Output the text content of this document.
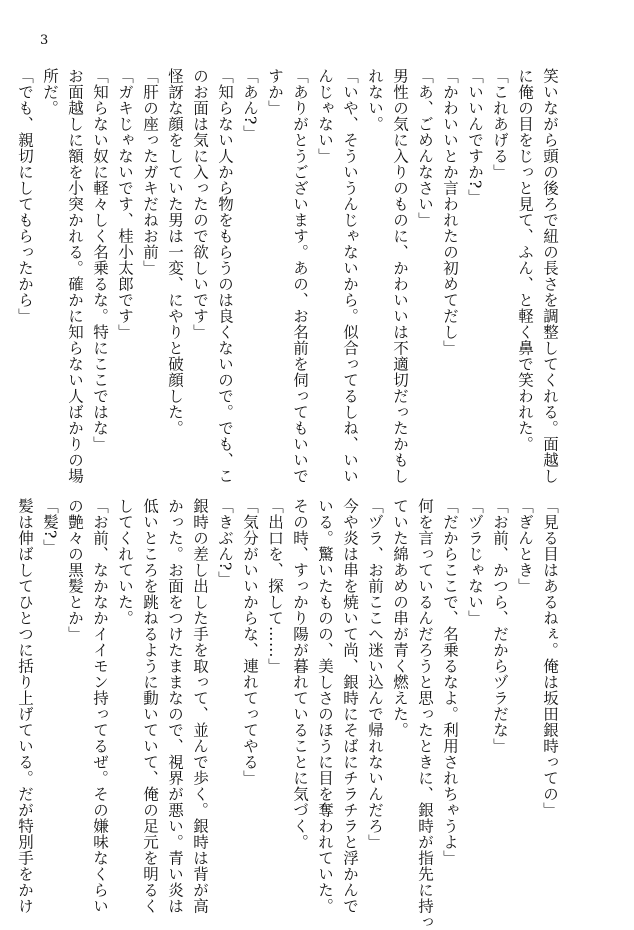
3
笑いながら頭の後ろで紐の長さを調整してくれる。面越し
に俺の目をじっと見て、ふん、と軽く鼻で笑われた。
「これあげる」
「いいんですか?」
「かわいいとか言われたの初めてだし」
「あ、ごめんなさい」
男性の気に入りのものに、かわいいは不適切だったかもし
れない。
「いや、そういうんじゃないから。似合ってるしね、いい
んじゃない」
「ありがとうございます。あの、お名前を伺ってもいいで
すか」
「あん?」
「知らない人から物をもらうのは良くないので。でも、こ
のお面は気に入ったので欲しいです」
怪訝な顔をしていた男は一変、にやりと破顔した。
「肝の座ったガキだねお前」
「ガキじゃないです、桂小太郎です」
「知らない奴に軽々しく名乗るな。特にここではな」
お面越しに額を小突かれる。確かに知らない人ばかりの場
所だ。
「でも、親切にしてもらったから」
「見る目はあるねぇ。俺は坂田銀時っての」
「ぎんとき」
「お前、かつら、だからヅラだな」
「ヅラじゃない」
「だからここで、名乗るなよ。利用されちゃうよ」
何を言っているんだろうと思ったときに、銀時が指先に持っ
ていた綿あめの串が青く燃えた。
「ヅラ、お前ここへ迷い込んで帰れないんだろ」
今や炎は串を焼いて尚、銀時にそばにチラチラと浮かんで
いる。驚いたものの、美しさのほうに目を奪われていた。
その時、すっかり陽が暮れていることに気づく。
「出口を、探して……」
「気分がいいからな、連れてってやる」
「きぶん?」
銀時の差し出した手を取って、並んで歩く。銀時は背が高
かった。お面をつけたままなので、視界が悪い。青い炎は
低いところを跳ねるように動いていて、俺の足元を明るく
してくれていた。
「お前、なかなかイイモン持ってるぜ。その嫌味なくらい
の艶々の黒髪とか」
「髪?」
髪は伸ばしてひとつに括り上げている。だが特別手をかけ
